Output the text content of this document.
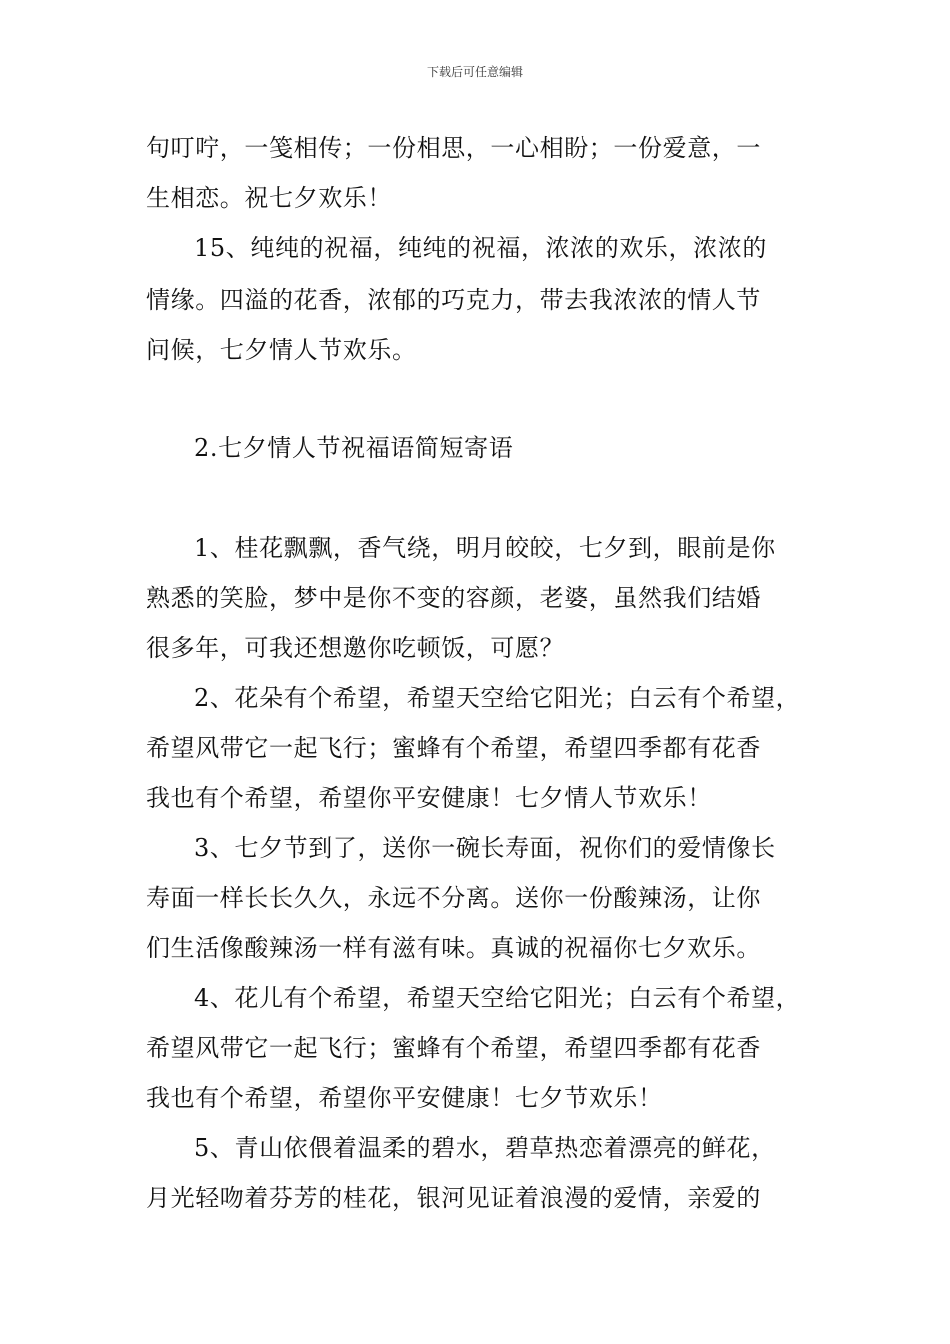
下载后可任意编辑
句叮咛，一笺相传；一份相思，一心相盼；一份爱意，一
生相恋。祝七夕欢乐！
15、纯纯的祝福，纯纯的祝福，浓浓的欢乐，浓浓的
情缘。四溢的花香，浓郁的巧克力，带去我浓浓的情人节
问候，七夕情人节欢乐。
2.七夕情人节祝福语简短寄语
1、桂花飘飘，香气绕，明月皎皎，七夕到，眼前是你
熟悉的笑脸，梦中是你不变的容颜，老婆，虽然我们结婚
很多年，可我还想邀你吃顿饭，可愿？
2、花朵有个希望，希望天空给它阳光；白云有个希望，
希望风带它一起飞行；蜜蜂有个希望，希望四季都有花香
我也有个希望，希望你平安健康！七夕情人节欢乐！
3、七夕节到了，送你一碗长寿面，祝你们的爱情像长
寿面一样长长久久，永远不分离。送你一份酸辣汤，让你
们生活像酸辣汤一样有滋有味。真诚的祝福你七夕欢乐。
4、花儿有个希望，希望天空给它阳光；白云有个希望，
希望风带它一起飞行；蜜蜂有个希望，希望四季都有花香
我也有个希望，希望你平安健康！七夕节欢乐！
5、青山依偎着温柔的碧水，碧草热恋着漂亮的鲜花，
月光轻吻着芬芳的桂花，银河见证着浪漫的爱情，亲爱的
